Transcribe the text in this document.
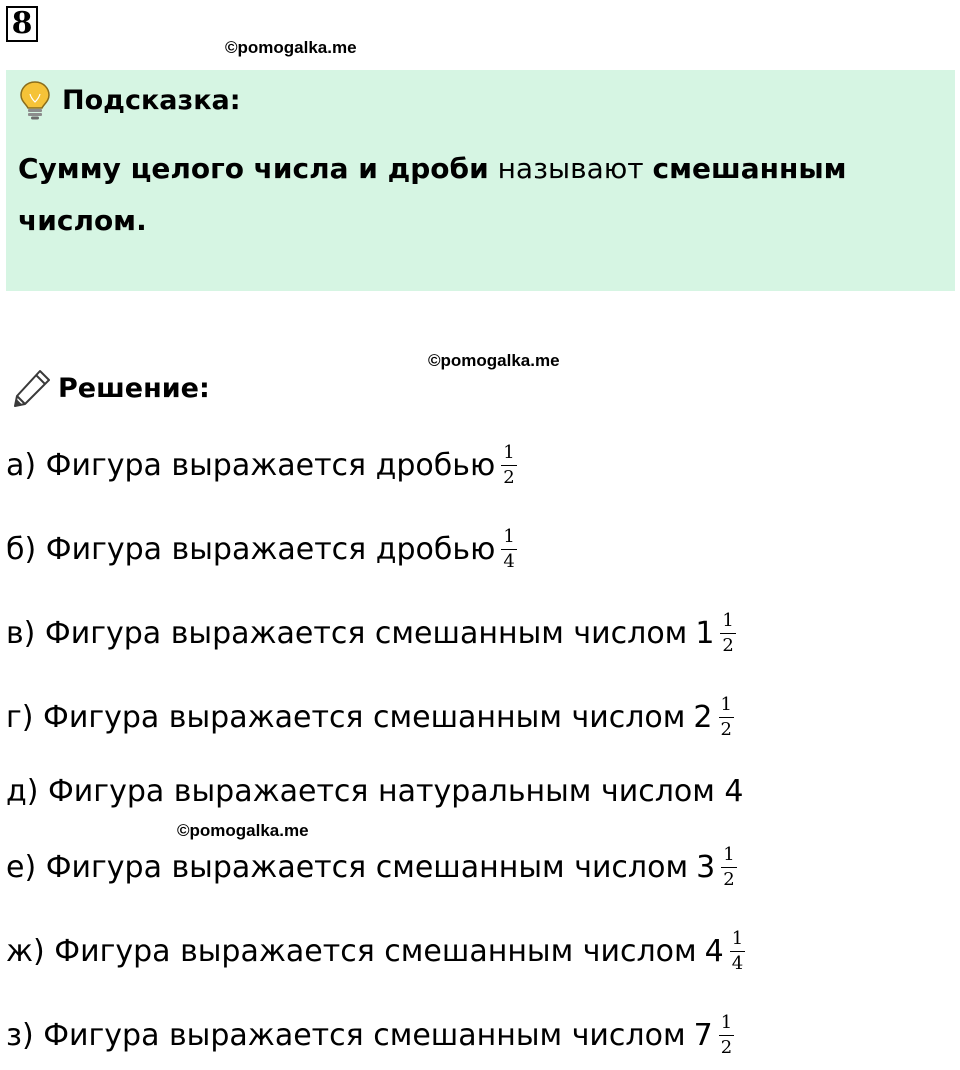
8
©pomogalka.me
Подсказка:
Сумму целого числа и дроби называют смешанным числом.
©pomogalka.me
Решение:
©pomogalka.me
а) Фигура выражается дробью $\frac{1}{2}$
б) Фигура выражается дробью $\frac{1}{4}$
в) Фигура выражается смешанным числом $1 \frac{1}{2}$
г) Фигура выражается смешанным числом $2 \frac{1}{2}$
д) Фигура выражается натуральным числом 4
е) Фигура выражается смешанным числом $3 \frac{1}{2}$
ж) Фигура выражается смешанным числом $4 \frac{1}{4}$
з) Фигура выражается смешанным числом $7 \frac{1}{2}$
